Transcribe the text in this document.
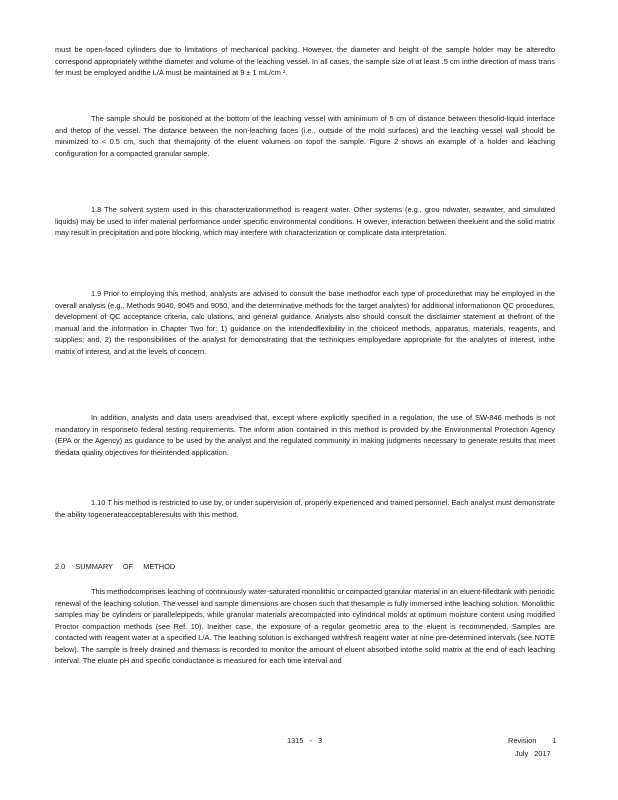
must be open-faced cylinders due to limitations of mechanical packing. However, the diameter and height of the sample holder may be alteredto correspond appropriately withthe diameter and volume of the leaching vessel. In all cases, the sample size of at least .5 cm inthe direction of mass trans fer must be employed andthe L/A must be maintained at 9 ± 1 mL/cm ².

The sample should be positioned at the bottom of the leaching vessel with aminimum of 5 cm of distance between thesolid-liquid interface and thetop of the vessel. The distance between the non-leaching faces (i.e., outside of the mold surfaces) and the leaching vessel wall should be minimized to < 0.5 cm, such that themajority of the eluent volumeis on topof the sample. Figure 2 shows an example of a holder and leaching configuration for a compacted granular sample.

1.8 The solvent system used in this characterizationmethod is reagent water. Other systems (e.g., grou ndwater, seawater, and simulated liquids) may be used to infer material performance under specific environmental conditions. H owever, interaction between theeluent and the solid matrix may result in precipitation and pore blocking, which may interfere with characterization or complicate data interpretation.

1.9 Prior to employing this method, analysts are advised to consult the base methodfor each type of procedurethat may be employed in the overall analysis (e.g., Methods 9040, 9045 and 9050, and the determinative methods for the target analytes) for additional informationon QC procedures, development of QC acceptance criteria, calc ulations, and general guidance. Analysts also should consult the disclaimer statement at thefront of the manual and the information in Chapter Two for: 1) guidance on the intendedflexibility in the choiceof methods, apparatus, materials, reagents, and supplies; and, 2) the responsibilities of the analyst for demonstrating that the techniques employedare appropriate for the analytes of interest, inthe matrix of interest, and at the levels of concern.

In addition, analysts and data users areadvised that, except where explicitly specified in a regulation, the use of SW-846 methods is not mandatory in responseto federal testing requirements. The inform ation contained in this method is provided by the Environmental Protection Agency (EPA or the Agency) as guidance to be used by the analyst and the regulated community in making judgments necessary to generate results that meet thedata quality objectives for theintended application.

1.10 T his method is restricted to use by, or under supervision of, properly experienced and trained personnel. Each analyst must demonstrate the ability togenerateacceptableresults with this method.

2.0 SUMMARY OF METHOD

This methodcomprises leaching of continuously water-saturated monolithic or compacted granular material in an eluent-filledtank with periodic renewal of the leaching solution. The vessel and sample dimensions are chosen such that thesample is fully immersed inthe leaching solution. Monolithic samples may be cylinders or parallelepipeds, while granular materials arecompacted into cylindrical molds at optimum moisture content using modified Proctor compaction methods (see Ref. 10). Ineither case, the exposure of a regular geometric area to the eluent is recommended. Samples are contacted with reagent water at a specified L/A. The leaching solution is exchanged withfresh reagent water at nine pre-determined intervals (see NOTE below). The sample is freely drained and themass is recorded to monitor the amount of eluent absorbed intothe solid matrix at the end of each leaching interval. The eluate pH and specific conductance is measured for each time interval and

1315 - 3	Revision 1
July 2017
